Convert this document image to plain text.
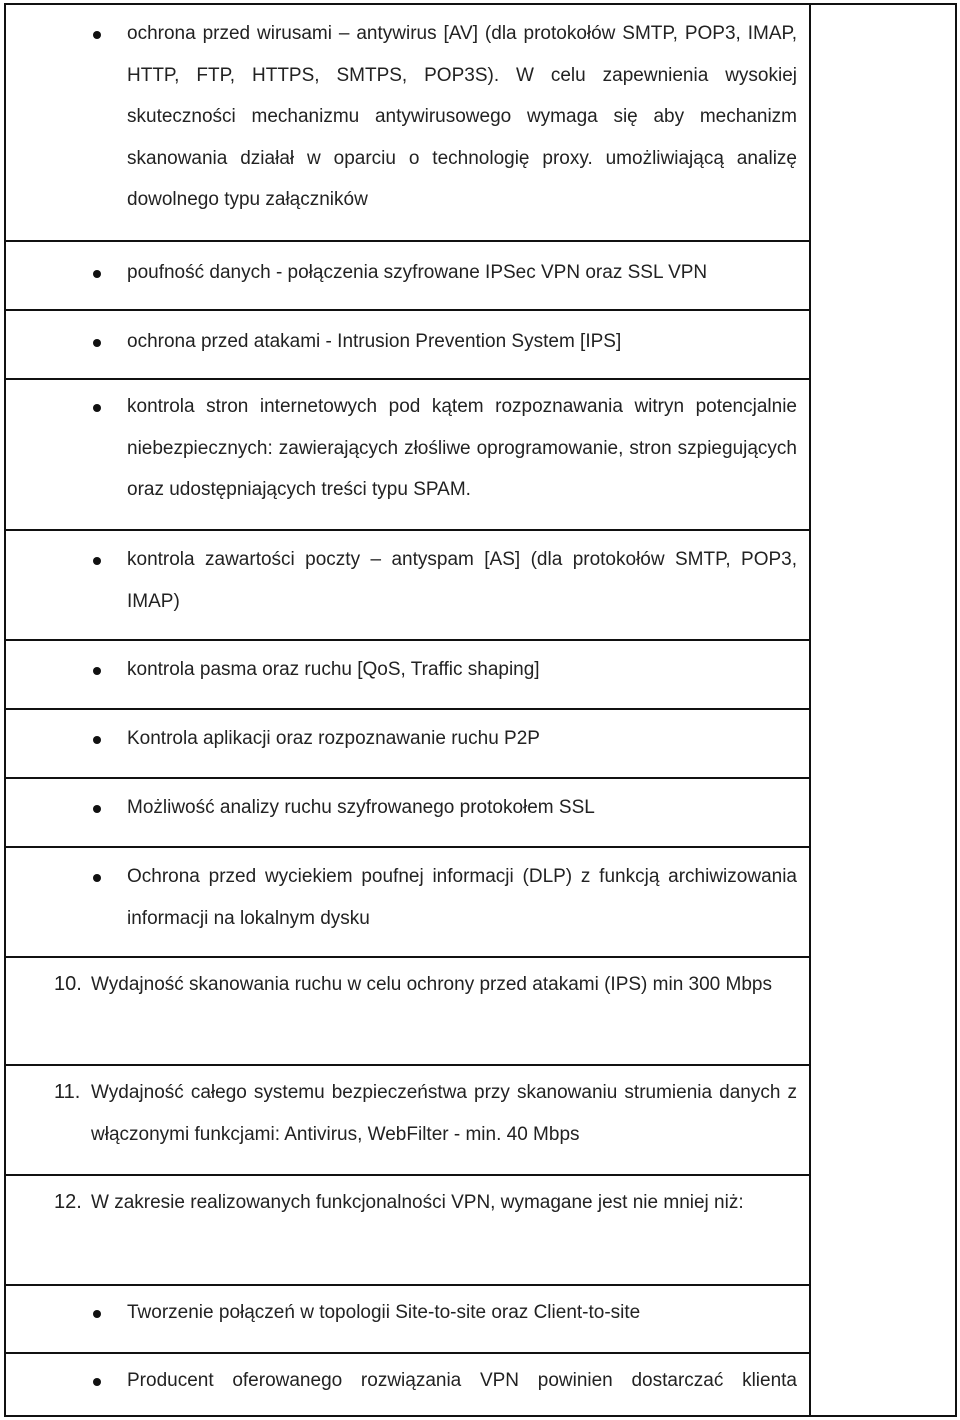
ochrona przed wirusami – antywirus [AV] (dla protokołów SMTP, POP3, IMAP, HTTP, FTP, HTTPS, SMTPS, POP3S). W celu zapewnienia wysokiej skuteczności mechanizmu antywirusowego wymaga się aby mechanizm skanowania działał w oparciu o technologię proxy. umożliwiającą analizę dowolnego typu załączników
poufność danych - połączenia szyfrowane IPSec VPN oraz SSL VPN
ochrona przed atakami - Intrusion Prevention System [IPS]
kontrola stron internetowych pod kątem rozpoznawania witryn potencjalnie niebezpiecznych: zawierających złośliwe oprogramowanie, stron szpiegujących oraz udostępniających treści typu SPAM.
kontrola zawartości poczty – antyspam [AS] (dla protokołów SMTP, POP3, IMAP)
kontrola pasma oraz ruchu [QoS, Traffic shaping]
Kontrola aplikacji oraz rozpoznawanie ruchu P2P
Możliwość analizy ruchu szyfrowanego protokołem SSL
Ochrona przed wyciekiem poufnej informacji (DLP) z funkcją archiwizowania informacji na lokalnym dysku
10. Wydajność skanowania ruchu w celu ochrony przed atakami (IPS) min 300 Mbps
11. Wydajność całego systemu bezpieczeństwa przy skanowaniu strumienia danych z włączonymi funkcjami: Antivirus, WebFilter - min. 40 Mbps
12. W zakresie realizowanych funkcjonalności VPN, wymagane jest nie mniej niż:
Tworzenie połączeń w topologii Site-to-site oraz Client-to-site
Producent oferowanego rozwiązania VPN powinien dostarczać klienta
